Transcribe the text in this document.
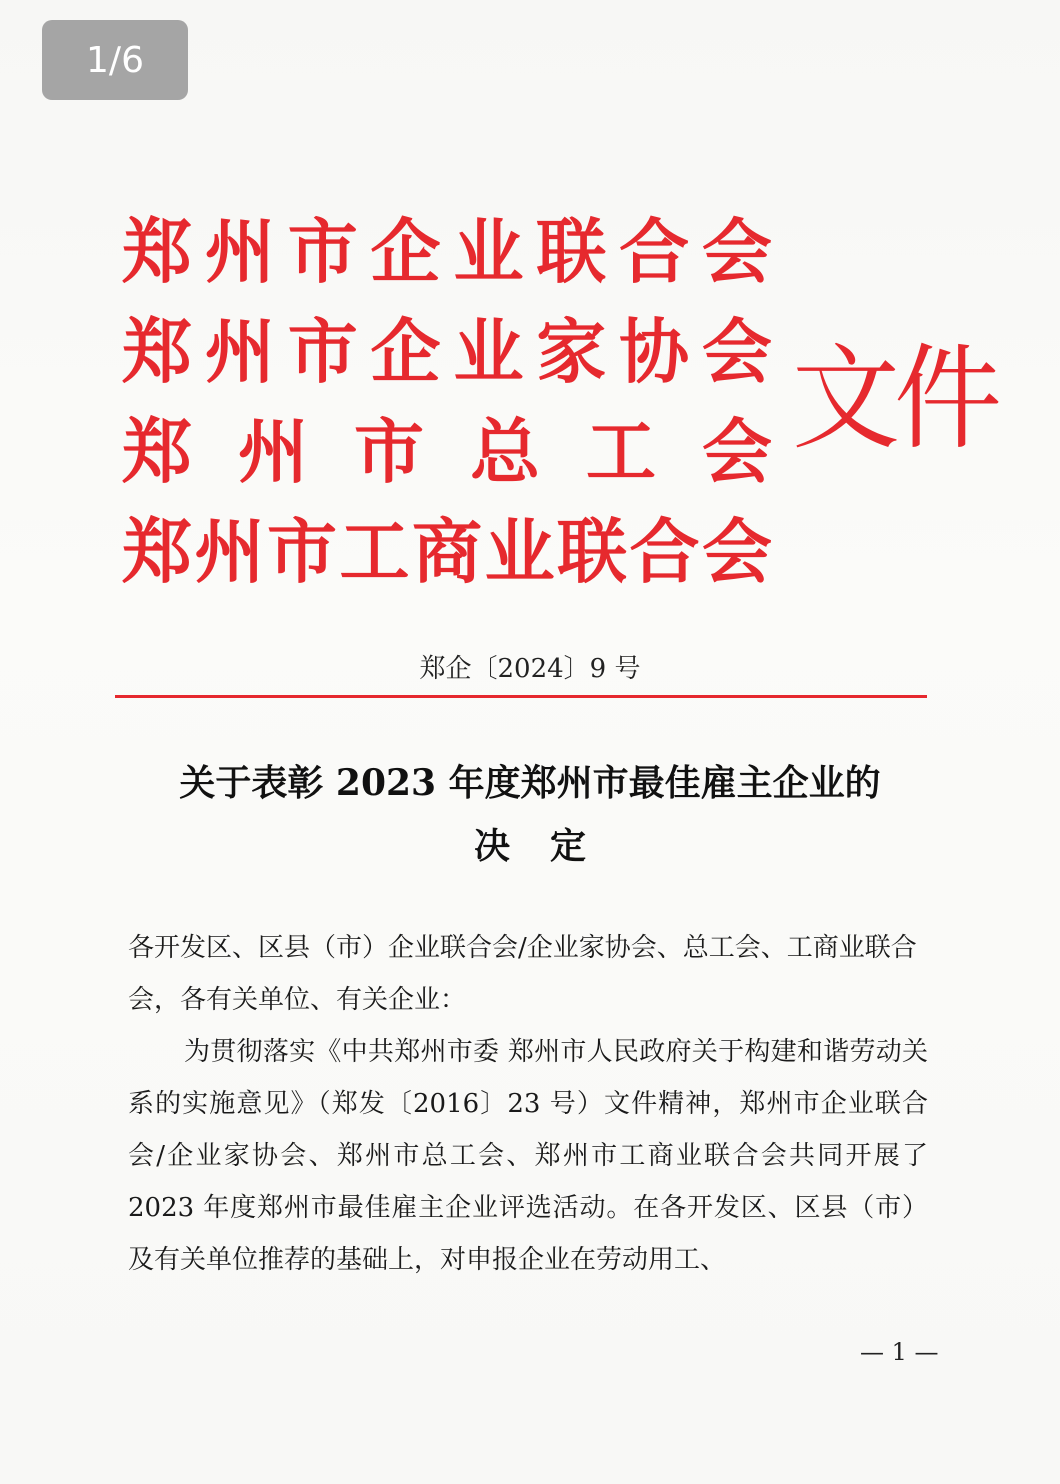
1/6
郑 州 市 企 业 联 合 会
郑 州 市 企 业 家 协 会
郑 州 市 总 工 会
郑 州 市 工 商 业 联 合 会
文件
郑企〔2024〕9 号
关于表彰 2023 年度郑州市最佳雇主企业的
决定
各开发区、区县（市）企业联合会/企业家协会、总工会、工商业联合会，各有关单位、有关企业：
为贯彻落实《中共郑州市委 郑州市人民政府关于构建和谐劳动关系的实施意见》（郑发〔2016〕23 号）文件精神，郑州市企业联合会/企业家协会、郑州市总工会、郑州市工商业联合会共同开展了 2023 年度郑州市最佳雇主企业评选活动。在各开发区、区县（市）及有关单位推荐的基础上，对申报企业在劳动用工、
— 1 —
